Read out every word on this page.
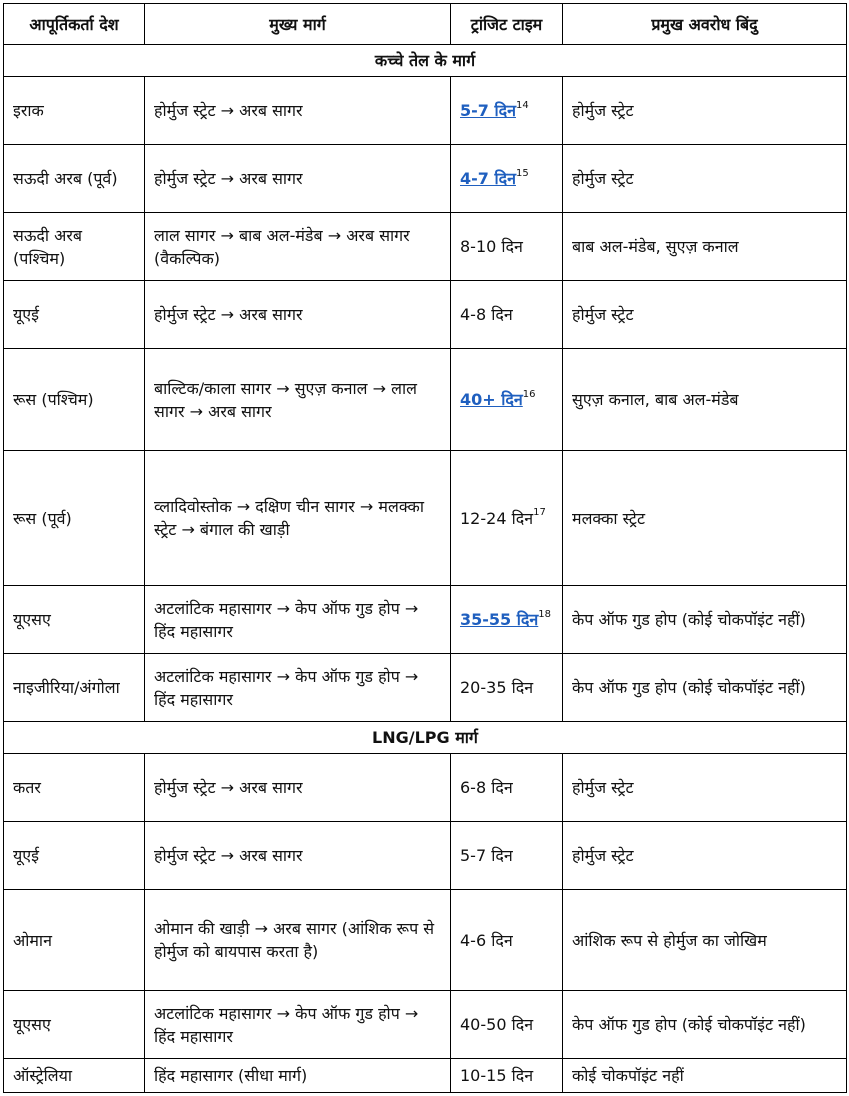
आपूर्तिकर्ता देश	मुख्य मार्ग	ट्रांजिट टाइम	प्रमुख अवरोध बिंदु
कच्चे तेल के मार्ग			
इराक	होर्मुज स्ट्रेट → अरब सागर	5-7 दिन$^{14}$	होर्मुज स्ट्रेट
सऊदी अरब (पूर्व)	होर्मुज स्ट्रेट → अरब सागर	4-7 दिन$^{15}$	होर्मुज स्ट्रेट
सऊदी अरब (पश्चिम)	लाल सागर → बाब अल-मंडेब → अरब सागर (वैकल्पिक)	8-10 दिन	बाब अल-मंडेब, सुएज़ कनाल
यूएई	होर्मुज स्ट्रेट → अरब सागर	4-8 दिन	होर्मुज स्ट्रेट
रूस (पश्चिम)	बाल्टिक/काला सागर → सुएज़ कनाल → लाल सागर → अरब सागर	40+ दिन$^{16}$	सुएज़ कनाल, बाब अल-मंडेब
रूस (पूर्व)	व्लादिवोस्तोक → दक्षिण चीन सागर → मलक्का स्ट्रेट → बंगाल की खाड़ी	12-24 दिन$^{17}$	मलक्का स्ट्रेट
यूएसए	अटलांटिक महासागर → केप ऑफ गुड होप → हिंद महासागर	35-55 दिन$^{18}$	केप ऑफ गुड होप (कोई चोकपॉइंट नहीं)
नाइजीरिया/अंगोला	अटलांटिक महासागर → केप ऑफ गुड होप → हिंद महासागर	20-35 दिन	केप ऑफ गुड होप (कोई चोकपॉइंट नहीं)
LNG/LPG मार्ग			
कतर	होर्मुज स्ट्रेट → अरब सागर	6-8 दिन	होर्मुज स्ट्रेट
यूएई	होर्मुज स्ट्रेट → अरब सागर	5-7 दिन	होर्मुज स्ट्रेट
ओमान	ओमान की खाड़ी → अरब सागर (आंशिक रूप से होर्मुज को बायपास करता है)	4-6 दिन	आंशिक रूप से होर्मुज का जोखिम
यूएसए	अटलांटिक महासागर → केप ऑफ गुड होप → हिंद महासागर	40-50 दिन	केप ऑफ गुड होप (कोई चोकपॉइंट नहीं)
ऑस्ट्रेलिया	हिंद महासागर (सीधा मार्ग)	10-15 दिन	कोई चोकपॉइंट नहीं
